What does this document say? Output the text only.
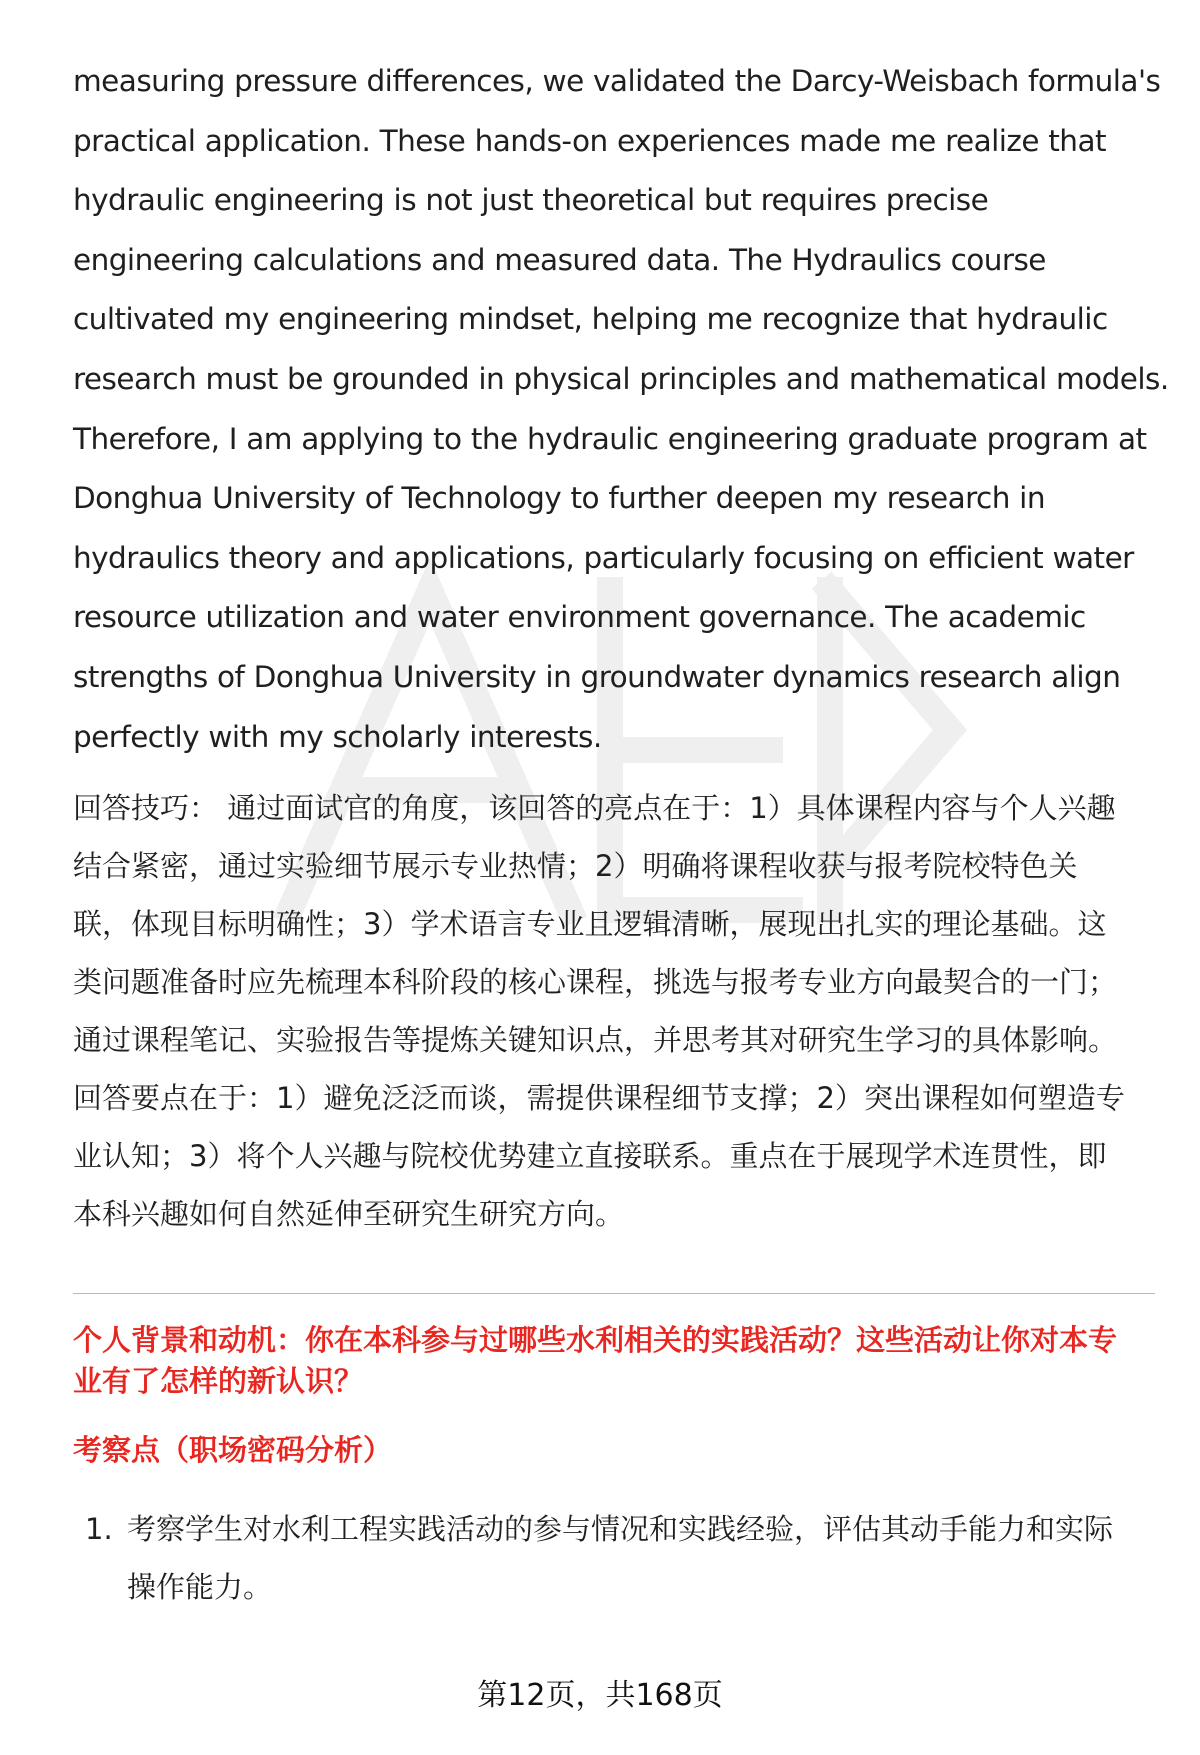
measuring pressure differences, we validated the Darcy-Weisbach formula's
practical application. These hands-on experiences made me realize that
hydraulic engineering is not just theoretical but requires precise
engineering calculations and measured data. The Hydraulics course
cultivated my engineering mindset, helping me recognize that hydraulic
research must be grounded in physical principles and mathematical models.
Therefore, I am applying to the hydraulic engineering graduate program at
Donghua University of Technology to further deepen my research in
hydraulics theory and applications, particularly focusing on efficient water
resource utilization and water environment governance. The academic
strengths of Donghua University in groundwater dynamics research align
perfectly with my scholarly interests.

回答技巧： 通过面试官的角度，该回答的亮点在于：1）具体课程内容与个人兴趣
结合紧密，通过实验细节展示专业热情；2）明确将课程收获与报考院校特色关
联，体现目标明确性；3）学术语言专业且逻辑清晰，展现出扎实的理论基础。这
类问题准备时应先梳理本科阶段的核心课程，挑选与报考专业方向最契合的一门；
通过课程笔记、实验报告等提炼关键知识点，并思考其对研究生学习的具体影响。
回答要点在于：1）避免泛泛而谈，需提供课程细节支撑；2）突出课程如何塑造专
业认知；3）将个人兴趣与院校优势建立直接联系。重点在于展现学术连贯性，即
本科兴趣如何自然延伸至研究生研究方向。

个人背景和动机：你在本科参与过哪些水利相关的实践活动？这些活动让你对本专
业有了怎样的新认识？
考察点（职场密码分析）
1. 考察学生对水利工程实践活动的参与情况和实践经验，评估其动手能力和实际
操作能力。
第12页，共168页
